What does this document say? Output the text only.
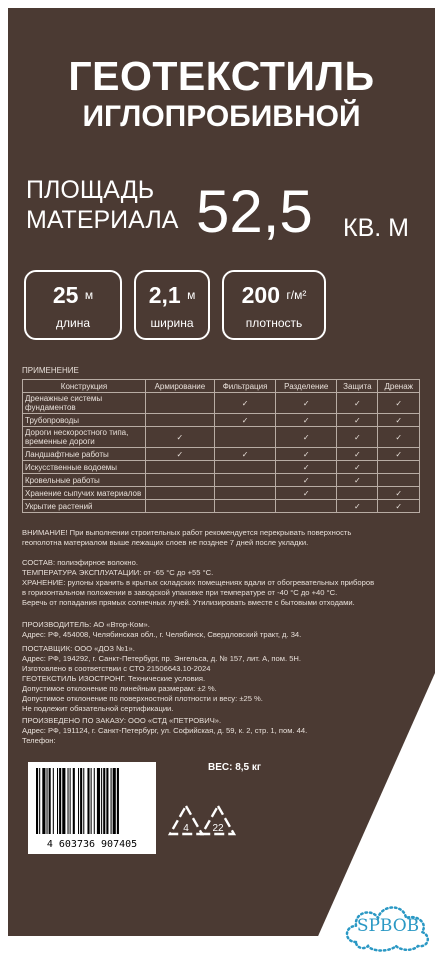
ГЕОТЕКСТИЛЬ
ИГЛОПРОБИВНОЙ
ПЛОЩАДЬ
МАТЕРИАЛА 52,5 КВ. М
25 $^м$
длина
2,1 $^м$
ширина
200 $^{г/м^2}$
плотность
ПРИМЕНЕНИЕ
Конструкция	Армирование	Фильтрация	Разделение	Защита	Дренаж
Дренажные системы фундаментов		✓	✓	✓	✓
Трубопроводы		✓	✓	✓	✓
Дороги нескоростного типа, временные дороги	✓		✓	✓	✓
Ландшафтные работы	✓	✓	✓	✓	✓
Искусственные водоемы			✓	✓	
Кровельные работы			✓	✓	
Хранение сыпучих материалов			✓		✓
Укрытие растений				✓	✓
ВНИМАНИЕ! При выполнении строительных работ рекомендуется перекрывать поверхность
геополотна материалом выше лежащих слоев не позднее 7 дней после укладки.
СОСТАВ: полиэфирное волокно.
ТЕМПЕРАТУРА ЭКСПЛУАТАЦИИ: от -65 °С до +55 °С.
ХРАНЕНИЕ: рулоны хранить в крытых складских помещениях вдали от обогревательных приборов
в горизонтальном положении в заводской упаковке при температуре от -40 °С до +40 °С.
Беречь от попадания прямых солнечных лучей. Утилизировать вместе с бытовыми отходами.
ПРОИЗВОДИТЕЛЬ: АО «Втор-Ком».
Адрес: РФ, 454008, Челябинская обл., г. Челябинск, Свердловский тракт, д. 34.
ПОСТАВЩИК: ООО «ДОЗ №1».
Адрес: РФ, 194292, г. Санкт-Петербург, пр. Энгельса, д. № 157, лит. А, пом. 5Н.
Изготовлено в соответствии с СТО 21506643.10-2024
ГЕОТЕКСТИЛЬ ИЗОСТРОНГ. Технические условия.
Допустимое отклонение по линейным размерам: ±2 %.
Допустимое отклонение по поверхностной плотности и весу: ±25 %.
Не подлежит обязательной сертификации.
ПРОИЗВЕДЕНО ПО ЗАКАЗУ: ООО «СТД «ПЕТРОВИЧ».
Адрес: РФ, 191124, г. Санкт-Петербург, ул. Софийская, д. 59, к. 2, стр. 1, пом. 44.
Телефон:
4 603736 907405
ВЕС: 8,5 кг
4 22
SPBOB
